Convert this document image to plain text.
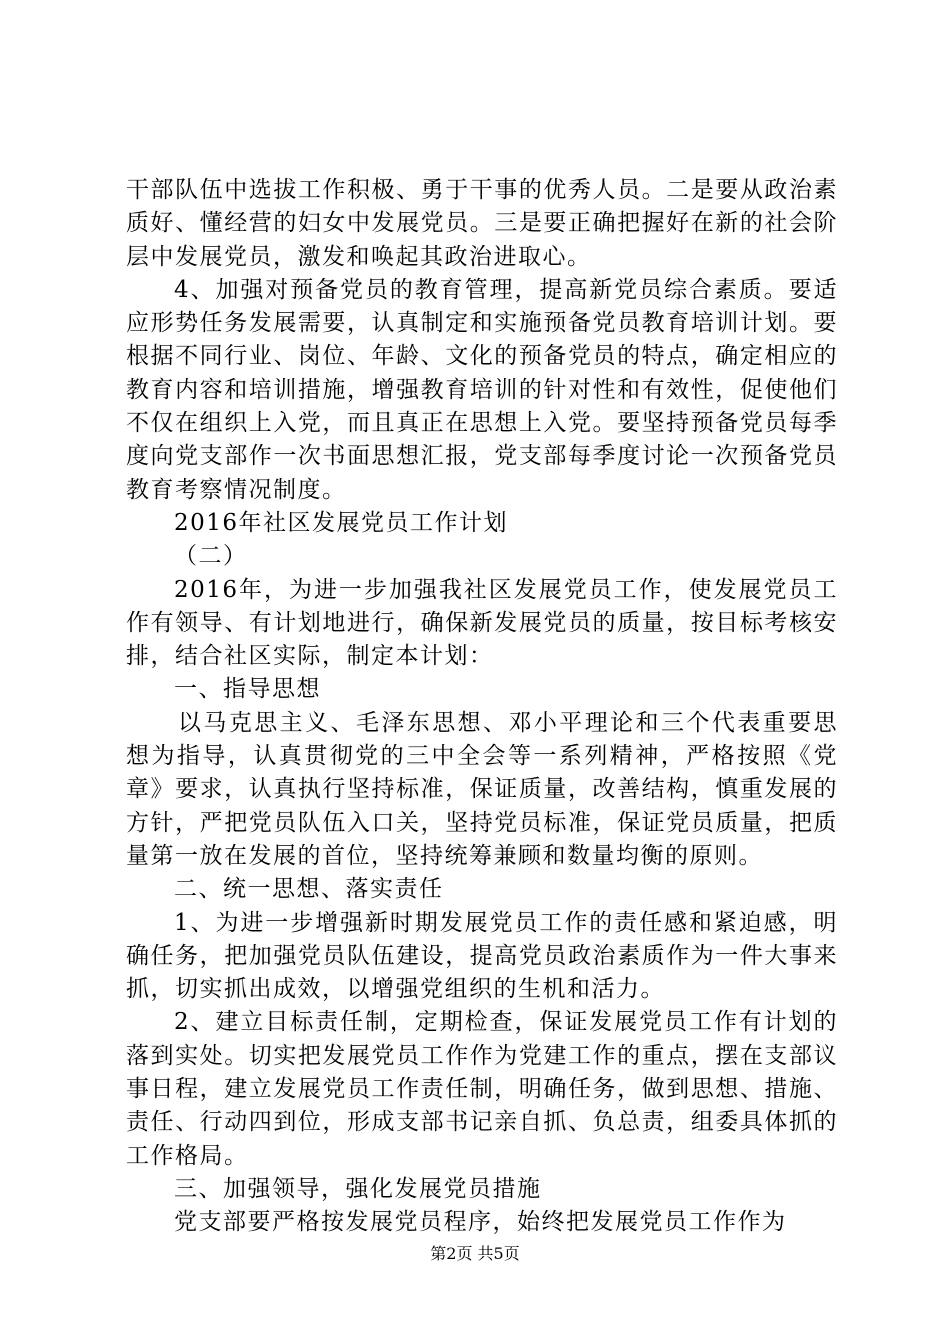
干部队伍中选拔工作积极、勇于干事的优秀人员。二是要从政治素质好、懂经营的妇女中发展党员。三是要正确把握好在新的社会阶层中发展党员，激发和唤起其政治进取心。

4、加强对预备党员的教育管理，提高新党员综合素质。要适应形势任务发展需要，认真制定和实施预备党员教育培训计划。要根据不同行业、岗位、年龄、文化的预备党员的特点，确定相应的教育内容和培训措施，增强教育培训的针对性和有效性，促使他们不仅在组织上入党，而且真正在思想上入党。要坚持预备党员每季度向党支部作一次书面思想汇报，党支部每季度讨论一次预备党员教育考察情况制度。

2016年社区发展党员工作计划

（二）

2016年，为进一步加强我社区发展党员工作，使发展党员工作有领导、有计划地进行，确保新发展党员的质量，按目标考核安排，结合社区实际，制定本计划：

一、指导思想

以马克思主义、毛泽东思想、邓小平理论和三个代表重要思想为指导，认真贯彻党的三中全会等一系列精神，严格按照《党章》要求，认真执行坚持标准，保证质量，改善结构，慎重发展的方针，严把党员队伍入口关，坚持党员标准，保证党员质量，把质量第一放在发展的首位，坚持统筹兼顾和数量均衡的原则。

二、统一思想、落实责任

1、为进一步增强新时期发展党员工作的责任感和紧迫感，明确任务，把加强党员队伍建设，提高党员政治素质作为一件大事来抓，切实抓出成效，以增强党组织的生机和活力。

2、建立目标责任制，定期检查，保证发展党员工作有计划的落到实处。切实把发展党员工作作为党建工作的重点，摆在支部议事日程，建立发展党员工作责任制，明确任务，做到思想、措施、责任、行动四到位，形成支部书记亲自抓、负总责，组委具体抓的工作格局。

三、加强领导，强化发展党员措施

党支部要严格按发展党员程序，始终把发展党员工作作为

第2页 共5页
